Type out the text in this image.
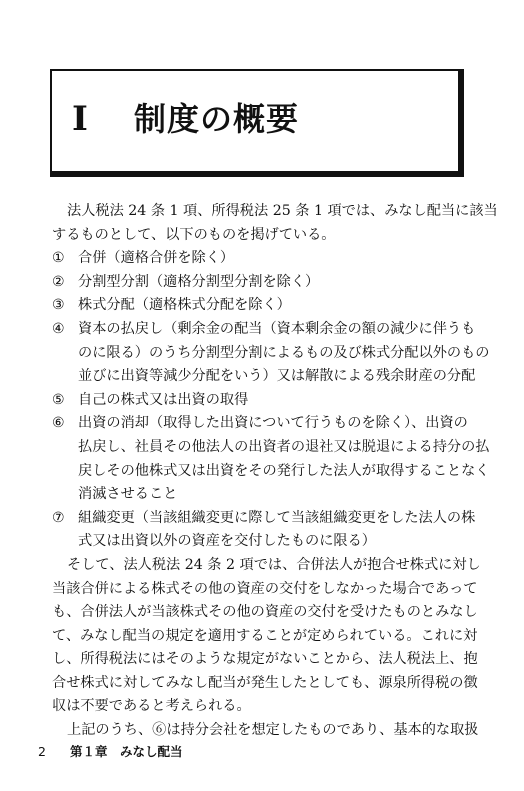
I 制度の概要
法人税法 24 条 1 項、所得税法 25 条 1 項では、みなし配当に該当
するものとして、以下のものを掲げている。
① 合併（適格合併を除く）
② 分割型分割（適格分割型分割を除く）
③ 株式分配（適格株式分配を除く）
④ 資本の払戻し（剰余金の配当（資本剰余金の額の減少に伴うも
のに限る）のうち分割型分割によるもの及び株式分配以外のもの
並びに出資等減少分配をいう）又は解散による残余財産の分配
⑤ 自己の株式又は出資の取得
⑥ 出資の消却（取得した出資について行うものを除く）、出資の
払戻し、社員その他法人の出資者の退社又は脱退による持分の払
戻しその他株式又は出資をその発行した法人が取得することなく
消滅させること
⑦ 組織変更（当該組織変更に際して当該組織変更をした法人の株
式又は出資以外の資産を交付したものに限る）
そして、法人税法 24 条 2 項では、合併法人が抱合せ株式に対し
当該合併による株式その他の資産の交付をしなかった場合であって
も、合併法人が当該株式その他の資産の交付を受けたものとみなし
て、みなし配当の規定を適用することが定められている。これに対
し、所得税法にはそのような規定がないことから、法人税法上、抱
合せ株式に対してみなし配当が発生したとしても、源泉所得税の徴
収は不要であると考えられる。
上記のうち、⑥は持分会社を想定したものであり、基本的な取扱
2 第１章　みなし配当
